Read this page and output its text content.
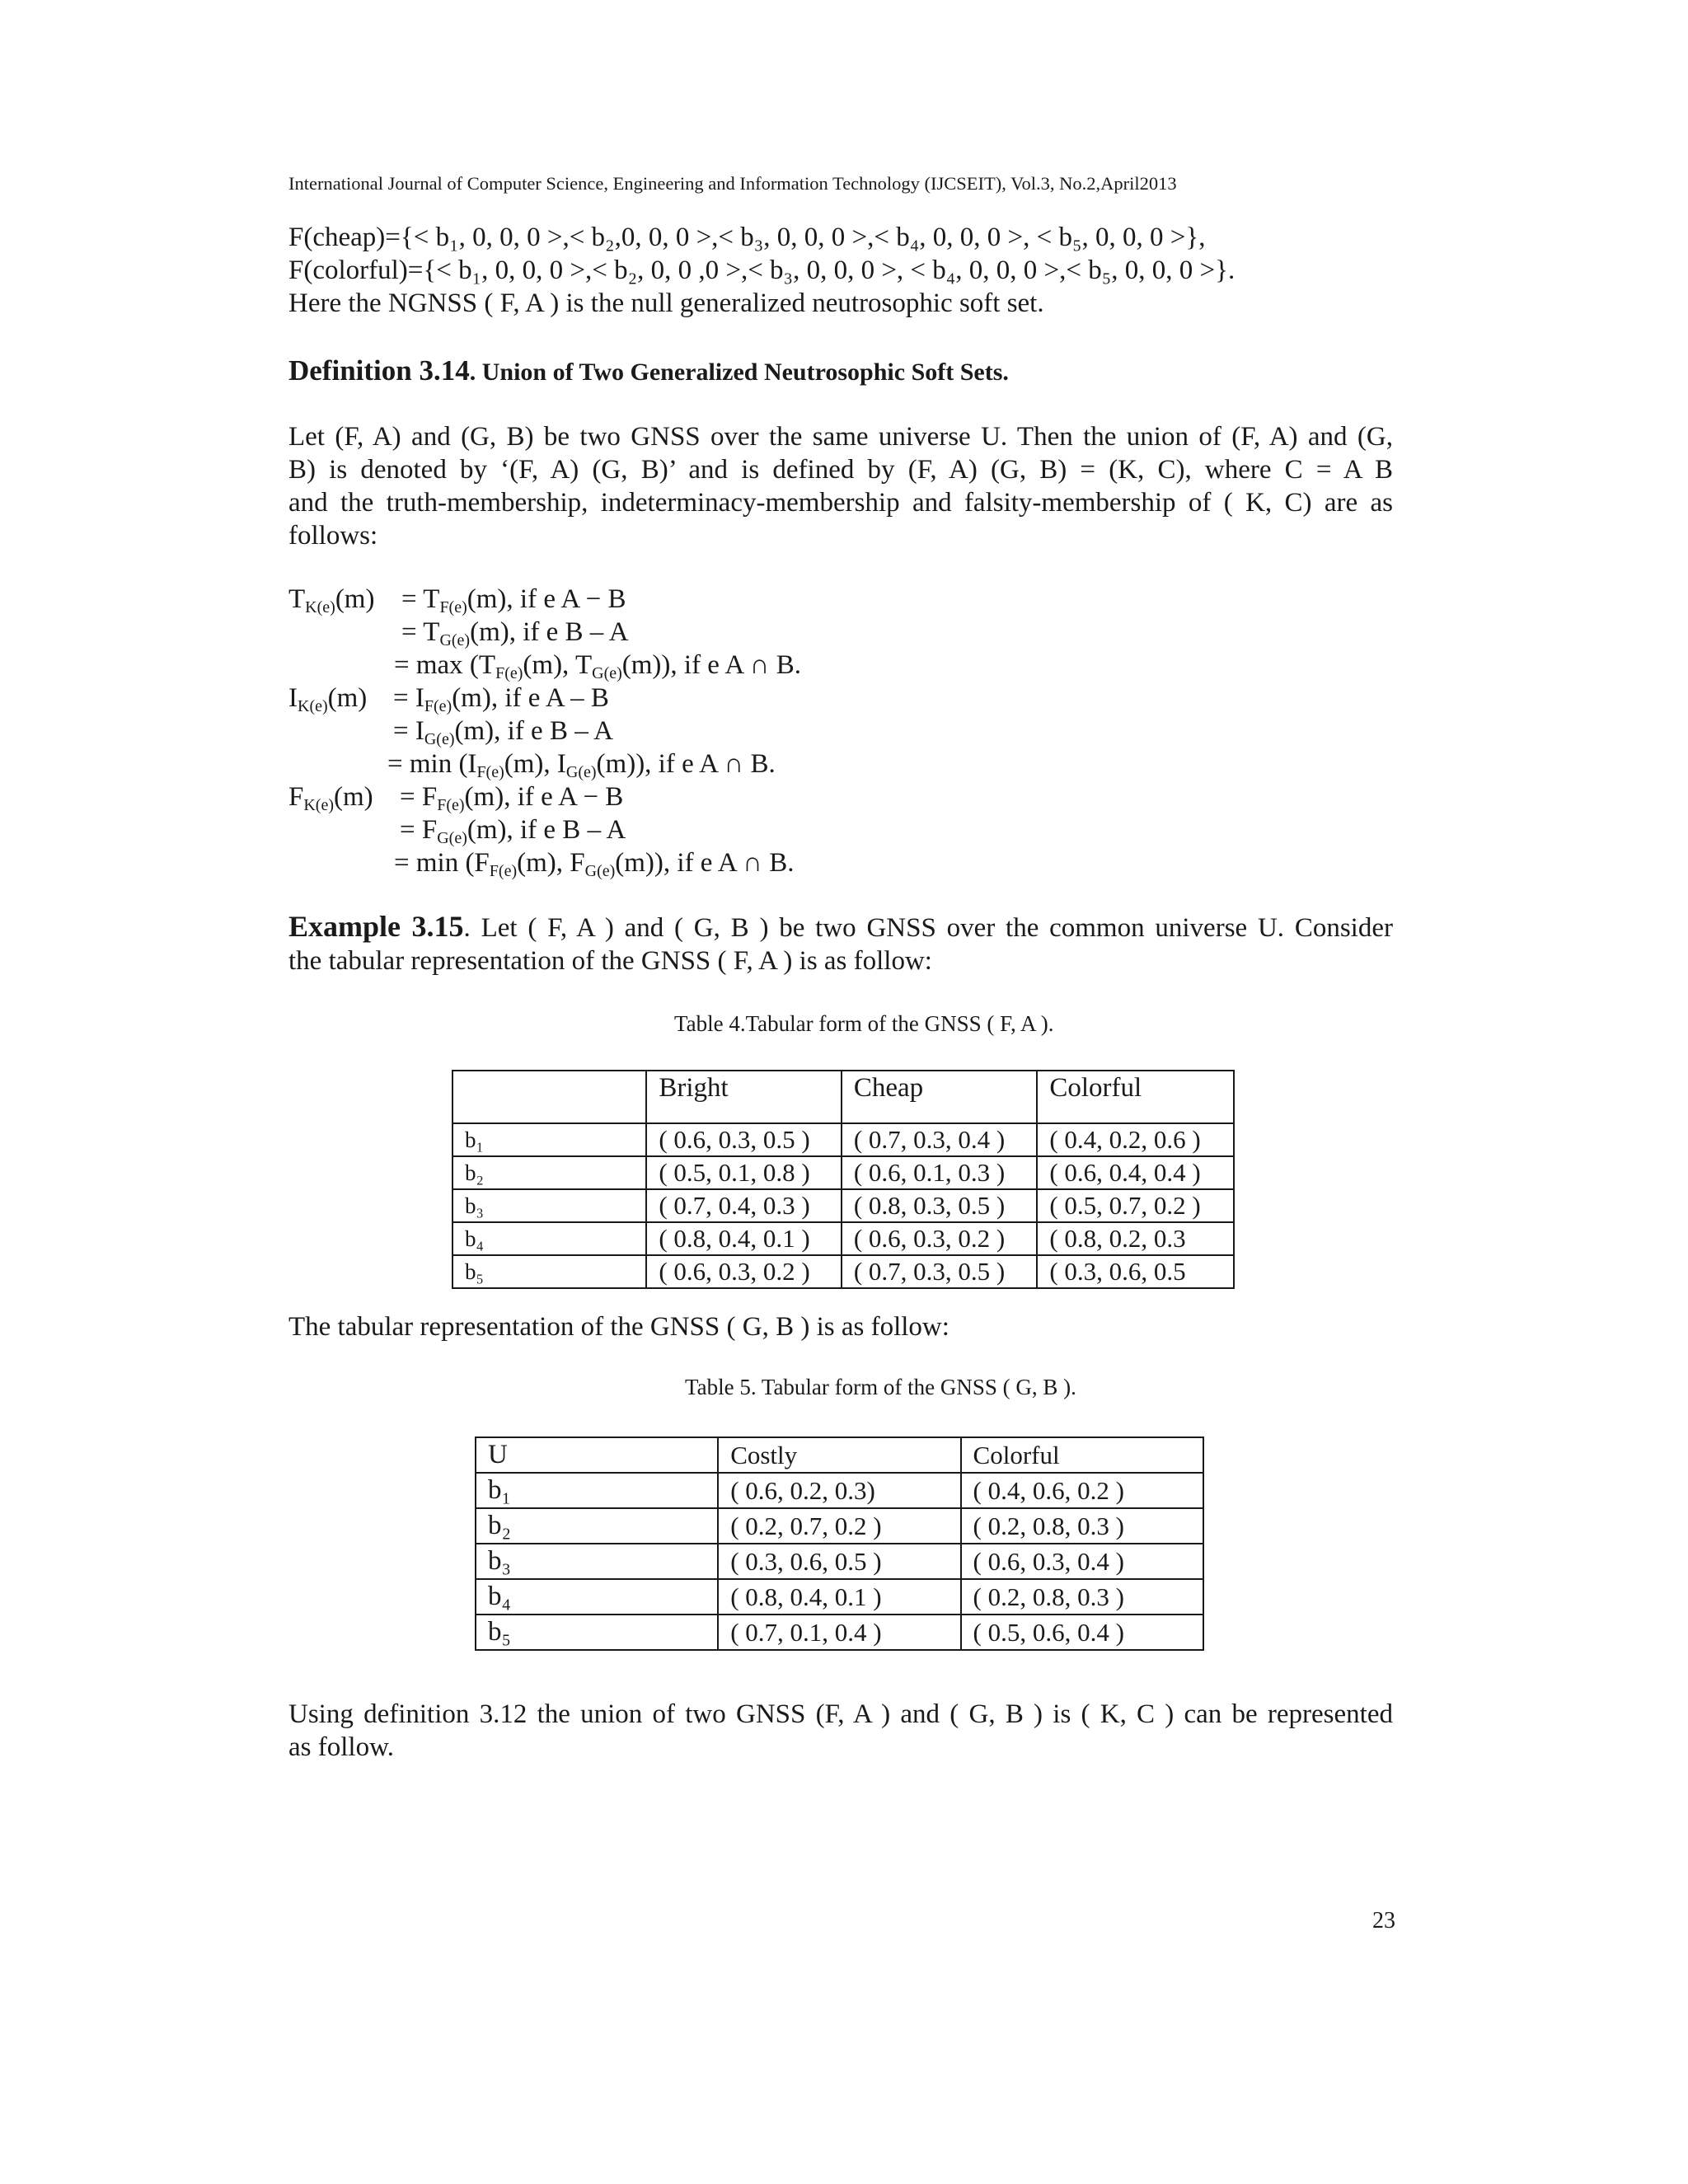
International Journal of Computer Science, Engineering and Information Technology (IJCSEIT), Vol.3, No.2,April2013
F(cheap)={< b₁, 0, 0, 0 >,< b₂,0, 0, 0 >,< b₃, 0, 0, 0 >,< b₄, 0, 0, 0 >, < b₅, 0, 0, 0 >},
F(colorful)={< b₁, 0, 0, 0 >,< b₂, 0, 0 ,0 >,< b₃, 0, 0, 0 >, < b₄, 0, 0, 0 >,< b₅, 0, 0, 0 >}.
Here the NGNSS ( F, A ) is the null generalized neutrosophic soft set.
Definition 3.14. Union of Two Generalized Neutrosophic Soft Sets.
Let (F, A) and (G, B) be two GNSS over the same universe U. Then the union of (F, A) and (G,
B) is denoted by ‘(F, A) (G, B)’ and is defined by (F, A) (G, B) = (K, C), where C = A B
and the truth-membership, indeterminacy-membership and falsity-membership of ( K, C) are as
follows:
$T_{K(e)}(m) = T_{F(e)}(m)$, if e A − B
= $T_{G(e)}(m)$, if e B – A
= $\max (T_{F(e)}(m)$, $T_{G(e)}(m)$), if e A ∩ B.
$I_{K(e)}(m) = I_{F(e)}(m)$, if e A – B
= $I_{G(e)}(m)$, if e B – A
= $\min (I_{F(e)}(m)$, $I_{G(e)}(m)$), if e A ∩ B.
$F_{K(e)}(m) = F_{F(e)}(m)$, if e A − B
= $F_{G(e)}(m)$, if e B – A
= $\min (F_{F(e)}(m)$, $F_{G(e)}(m)$), if e A ∩ B.
Example 3.15. Let ( F, A ) and ( G, B ) be two GNSS over the common universe U. Consider
the tabular representation of the GNSS ( F, A ) is as follow:
Table 4.Tabular form of the GNSS ( F, A ).
	Bright	Cheap	Colorful
b₁	( 0.6, 0.3, 0.5 )	( 0.7, 0.3, 0.4 )	( 0.4, 0.2, 0.6 )
b₂	( 0.5, 0.1, 0.8 )	( 0.6, 0.1, 0.3 )	( 0.6, 0.4, 0.4 )
b₃	( 0.7, 0.4, 0.3 )	( 0.8, 0.3, 0.5 )	( 0.5, 0.7, 0.2 )
b₄	( 0.8, 0.4, 0.1 )	( 0.6, 0.3, 0.2 )	( 0.8, 0.2, 0.3
b₅	( 0.6, 0.3, 0.2 )	( 0.7, 0.3, 0.5 )	( 0.3, 0.6, 0.5
The tabular representation of the GNSS ( G, B ) is as follow:
Table 5. Tabular form of the GNSS ( G, B ).
U	Costly	Colorful
b₁	( 0.6, 0.2, 0.3)	( 0.4, 0.6, 0.2 )
b₂	( 0.2, 0.7, 0.2 )	( 0.2, 0.8, 0.3 )
b₃	( 0.3, 0.6, 0.5 )	( 0.6, 0.3, 0.4 )
b₄	( 0.8, 0.4, 0.1 )	( 0.2, 0.8, 0.3 )
b₅	( 0.7, 0.1, 0.4 )	( 0.5, 0.6, 0.4 )
Using definition 3.12 the union of two GNSS (F, A ) and ( G, B ) is ( K, C ) can be represented
as follow.
23
